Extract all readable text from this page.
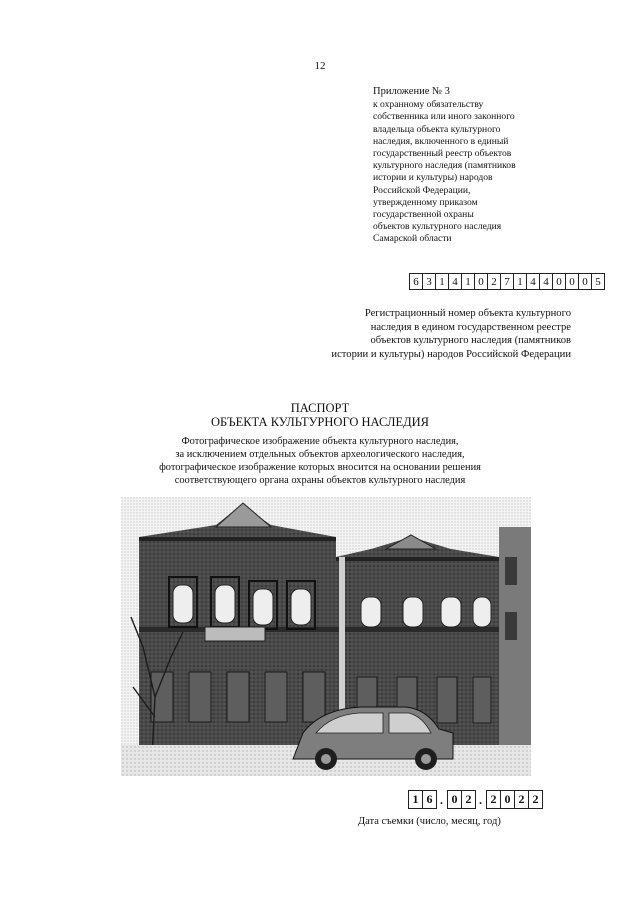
12
Приложение № 3
к охранному обязательству
собственника или иного законного
владельца объекта культурного
наследия, включенного в единый
государственный реестр объектов
культурного наследия (памятников
истории и культуры) народов
Российской Федерации,
утвержденному приказом
государственной охраны
объектов культурного наследия
Самарской области
6 3 1 4 1 0 2 7 1 4 4 0 0 0 5
Регистрационный номер объекта культурного
наследия в едином государственном реестре
объектов культурного наследия (памятников
истории и культуры) народов Российской Федерации
ПАСПОРТ
ОБЪЕКТА КУЛЬТУРНОГО НАСЛЕДИЯ
Фотографическое изображение объекта культурного наследия,
за исключением отдельных объектов археологического наследия,
фотографическое изображение которых вносится на основании решения
соответствующего органа охраны объектов культурного наследия
1 6 . 0 2 . 2 0 2 2
Дата съемки (число, месяц, год)
